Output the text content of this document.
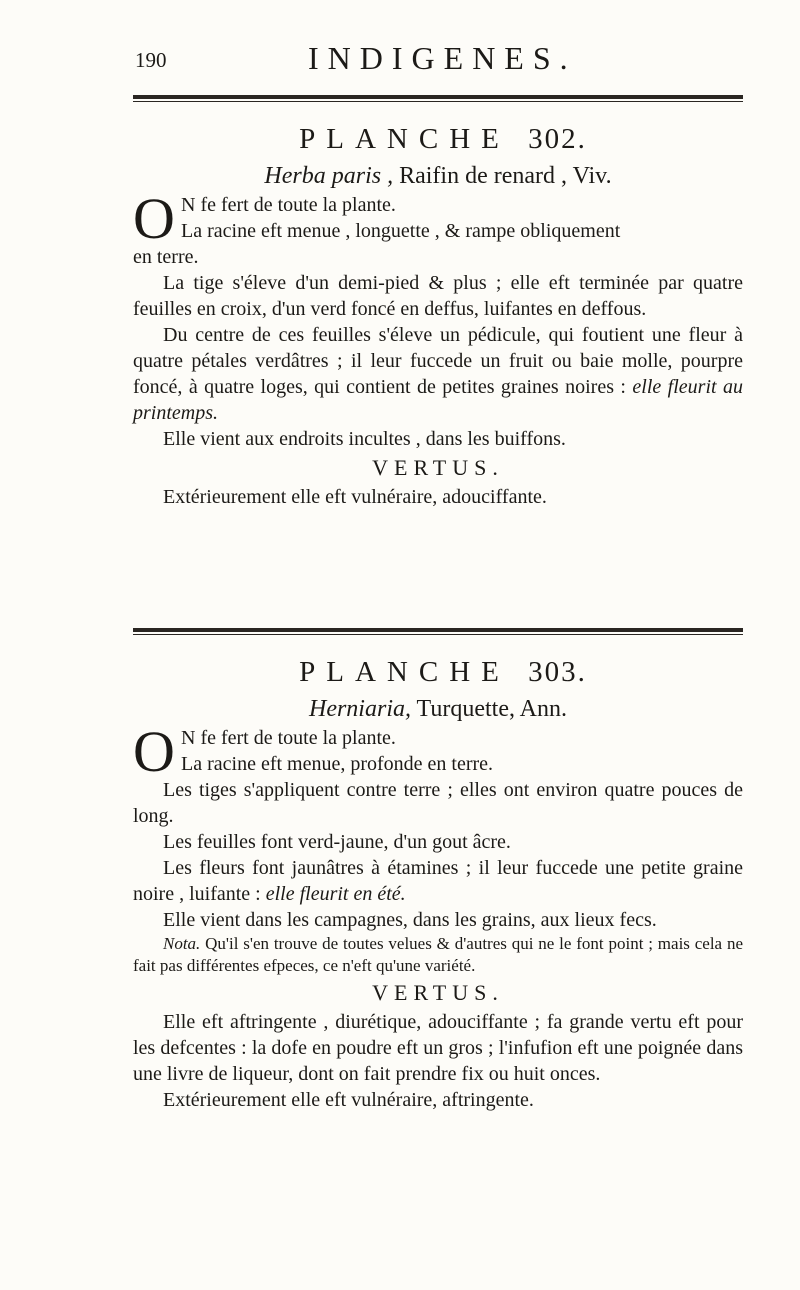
190	INDIGENES.
PLANCHE 302.
Herba paris , Raifin de renard , Viv.

O N fe fert de toute la plante.
La racine eft menue , longuette , & rampe obliquement

en terre.

La tige s'éleve d'un demi-pied & plus ; elle eft terminée par quatre feuilles en croix, d'un verd foncé en deffus, luifantes en deffous.

Du centre de ces feuilles s'éleve un pédicule, qui foutient une fleur à quatre pétales verdâtres ; il leur fuccede un fruit ou baie molle, pourpre foncé, à quatre loges, qui contient de petites graines noires : elle fleurit au printemps.

Elle vient aux endroits incultes , dans les buiffons.

VERTUS.

Extérieurement elle eft vulnéraire, adouciffante.

PLANCHE 303.
Herniaria, Turquette, Ann.

O N fe fert de toute la plante.
La racine eft menue, profonde en terre.

Les tiges s'appliquent contre terre ; elles ont environ quatre pouces de long.

Les feuilles font verd-jaune, d'un gout âcre.

Les fleurs font jaunâtres à étamines ; il leur fuccede une petite graine noire , luifante : elle fleurit en été.

Elle vient dans les campagnes, dans les grains, aux lieux fecs.

Nota. Qu'il s'en trouve de toutes velues & d'autres qui ne le font point ; mais cela ne fait pas différentes efpeces, ce n'eft qu'une variété.

VERTUS.

Elle eft aftringente , diurétique, adouciffante ; fa grande vertu eft pour les defcentes : la dofe en poudre eft un gros ; l'infufion eft une poignée dans une livre de liqueur, dont on fait prendre fix ou huit onces.

Extérieurement elle eft vulnéraire, aftringente.
